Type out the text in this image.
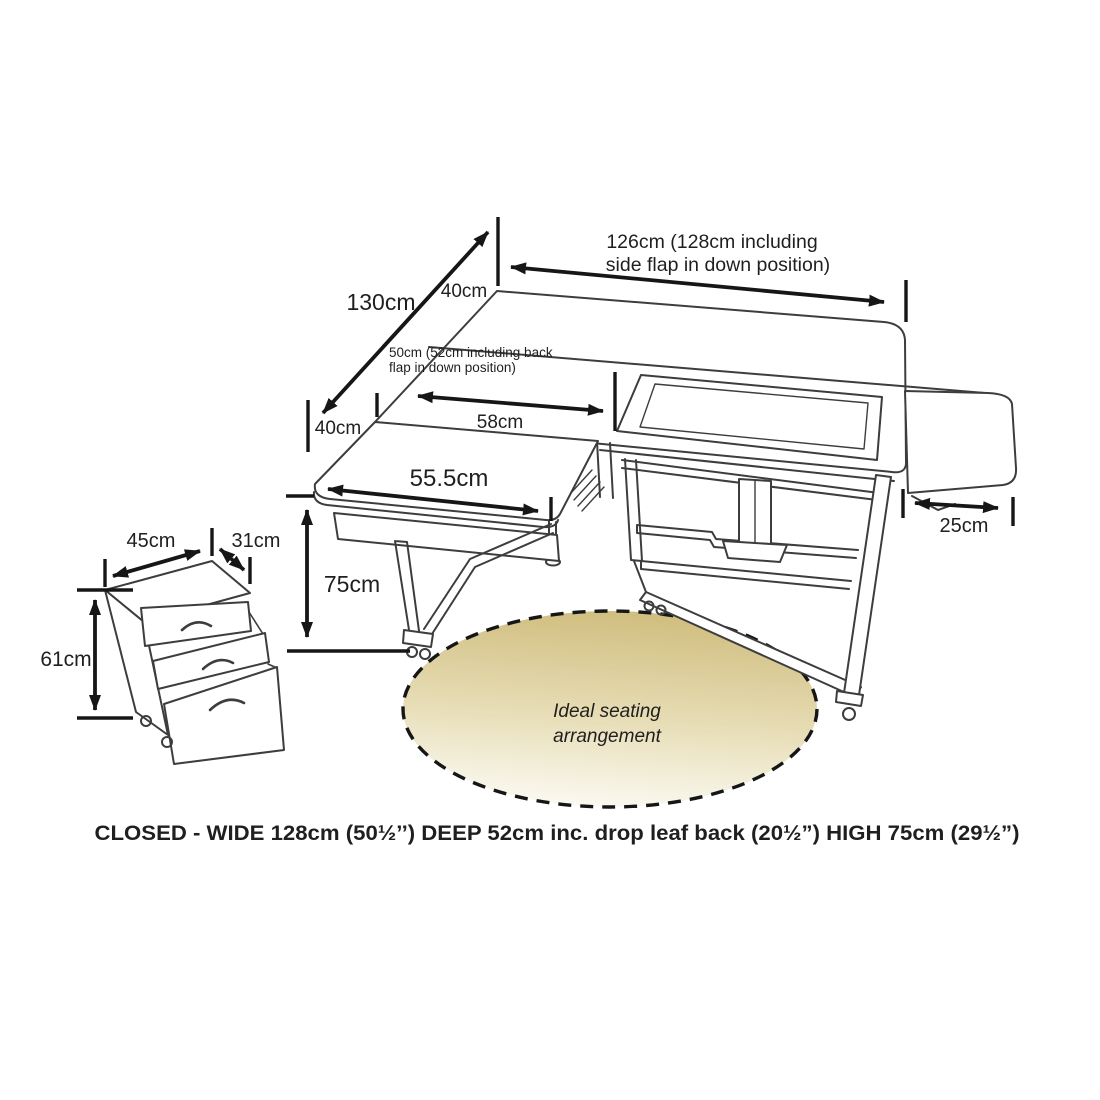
130cm 40cm
126cm (128cm including
side flap in down position)
50cm (52cm including back
flap in down position)
40cm	58cm
55.5cm
75cm
25cm
45cm	31cm
61cm
Ideal seating
arrangement
CLOSED - WIDE 128cm (50½’’) DEEP 52cm inc. drop leaf back (20½”) HIGH 75cm (29½”)
